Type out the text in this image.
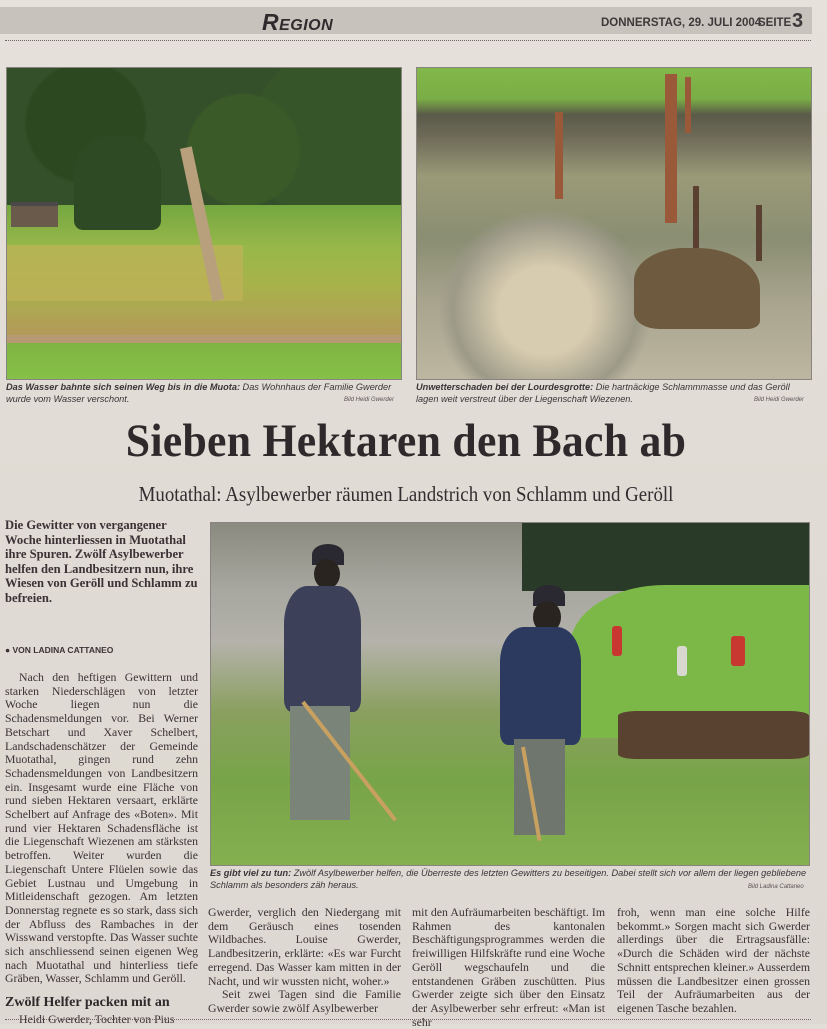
Region	DONNERSTAG, 29. JULI 2004
SEITE 3
Das Wasser bahnte sich seinen Weg bis in die Muota: Das Wohnhaus der Familie Gwerder wurde vom Wasser verschont.	Bild Heidi Gwerder
Unwetterschaden bei der Lourdesgrotte: Die hartnäckige Schlammmasse und das Geröll lagen weit verstreut über der Liegenschaft Wiezenen.	Bild Heidi Gwerder
Sieben Hektaren den Bach ab
Muotathal: Asylbewerber räumen Landstrich von Schlamm und Geröll
Die Gewitter von vergangener Woche hinterliessen in Muotathal ihre Spuren. Zwölf Asylbewerber helfen den Landbesitzern nun, ihre Wiesen von Geröll und Schlamm zu befreien.
● VON LADINA CATTANEO
Es gibt viel zu tun: Zwölf Asylbewerber helfen, die Überreste des letzten Gewitters zu beseitigen. Dabei stellt sich vor allem der liegen gebliebene Schlamm als besonders zäh heraus.	Bild Ladina Cattaneo

Nach den heftigen Gewittern und starken Niederschlägen von letzter Woche liegen nun die Schadensmeldungen vor. Bei Werner Betschart und Xaver Schelbert, Landschadenschätzer der Gemeinde Muotathal, gingen rund zehn Schadensmeldungen von Landbesitzern ein. Insgesamt wurde eine Fläche von rund sieben Hektaren versaart, erklärte Schelbert auf Anfrage des «Boten». Mit rund vier Hektaren Schadensfläche ist die Liegenschaft Wiezenen am stärksten betroffen. Weiter wurden die Liegenschaft Untere Flüelen sowie das Gebiet Lustnau und Umgebung in Mitleidenschaft gezogen. Am letzten Donnerstag regnete es so stark, dass sich der Abfluss des Rambaches in der Wisswand verstopfte. Das Wasser suchte sich anschliessend seinen eigenen Weg nach Muotathal und hinterliess tiefe Gräben, Wasser, Schlamm und Geröll.

Zwölf Helfer packen mit an

Heidi Gwerder, Tochter von Pius

Gwerder, verglich den Niedergang mit dem Geräusch eines tosenden Wildbaches. Louise Gwerder, Landbesitzerin, erklärte: «Es war Furcht erregend. Das Wasser kam mitten in der Nacht, und wir wussten nicht, woher.»

Seit zwei Tagen sind die Familie Gwerder sowie zwölf Asylbewerber

mit den Aufräumarbeiten beschäftigt. Im Rahmen des kantonalen Beschäftigungsprogrammes werden die freiwilligen Hilfskräfte rund eine Woche Geröll wegschaufeln und die entstandenen Gräben zuschütten. Pius Gwerder zeigte sich über den Einsatz der Asylbewerber sehr erfreut: «Man ist sehr

froh, wenn man eine solche Hilfe bekommt.» Sorgen macht sich Gwerder allerdings über die Ertragsausfälle: «Durch die Schäden wird der nächste Schnitt entsprechen kleiner.» Ausserdem müssen die Landbesitzer einen grossen Teil der Aufräumarbeiten aus der eigenen Tasche bezahlen.
